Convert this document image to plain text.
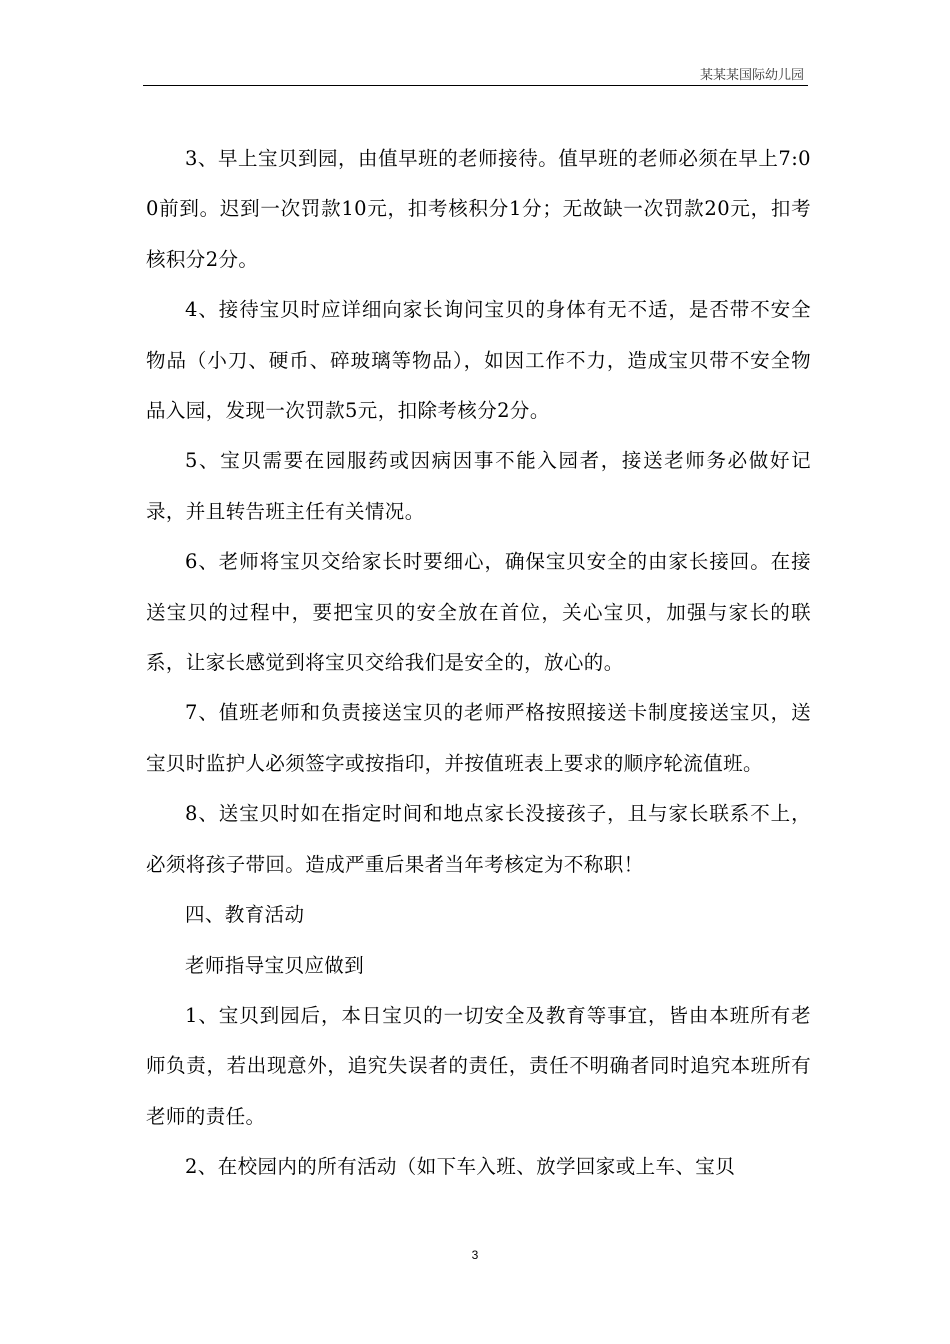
某某某国际幼儿园

3、早上宝贝到园，由值早班的老师接待。值早班的老师必须在早上7:00前到。迟到一次罚款10元，扣考核积分1分；无故缺一次罚款20元，扣考核积分2分。

4、接待宝贝时应详细向家长询问宝贝的身体有无不适，是否带不安全物品（小刀、硬币、碎玻璃等物品），如因工作不力，造成宝贝带不安全物品入园，发现一次罚款5元，扣除考核分2分。

5、宝贝需要在园服药或因病因事不能入园者，接送老师务必做好记录，并且转告班主任有关情况。

6、老师将宝贝交给家长时要细心，确保宝贝安全的由家长接回。在接送宝贝的过程中，要把宝贝的安全放在首位，关心宝贝，加强与家长的联系，让家长感觉到将宝贝交给我们是安全的，放心的。

7、值班老师和负责接送宝贝的老师严格按照接送卡制度接送宝贝，送宝贝时监护人必须签字或按指印，并按值班表上要求的顺序轮流值班。

8、送宝贝时如在指定时间和地点家长没接孩子，且与家长联系不上，必须将孩子带回。造成严重后果者当年考核定为不称职！

四、教育活动

老师指导宝贝应做到

1、宝贝到园后，本日宝贝的一切安全及教育等事宜，皆由本班所有老师负责，若出现意外，追究失误者的责任，责任不明确者同时追究本班所有老师的责任。

2、在校园内的所有活动（如下车入班、放学回家或上车、宝贝

3
